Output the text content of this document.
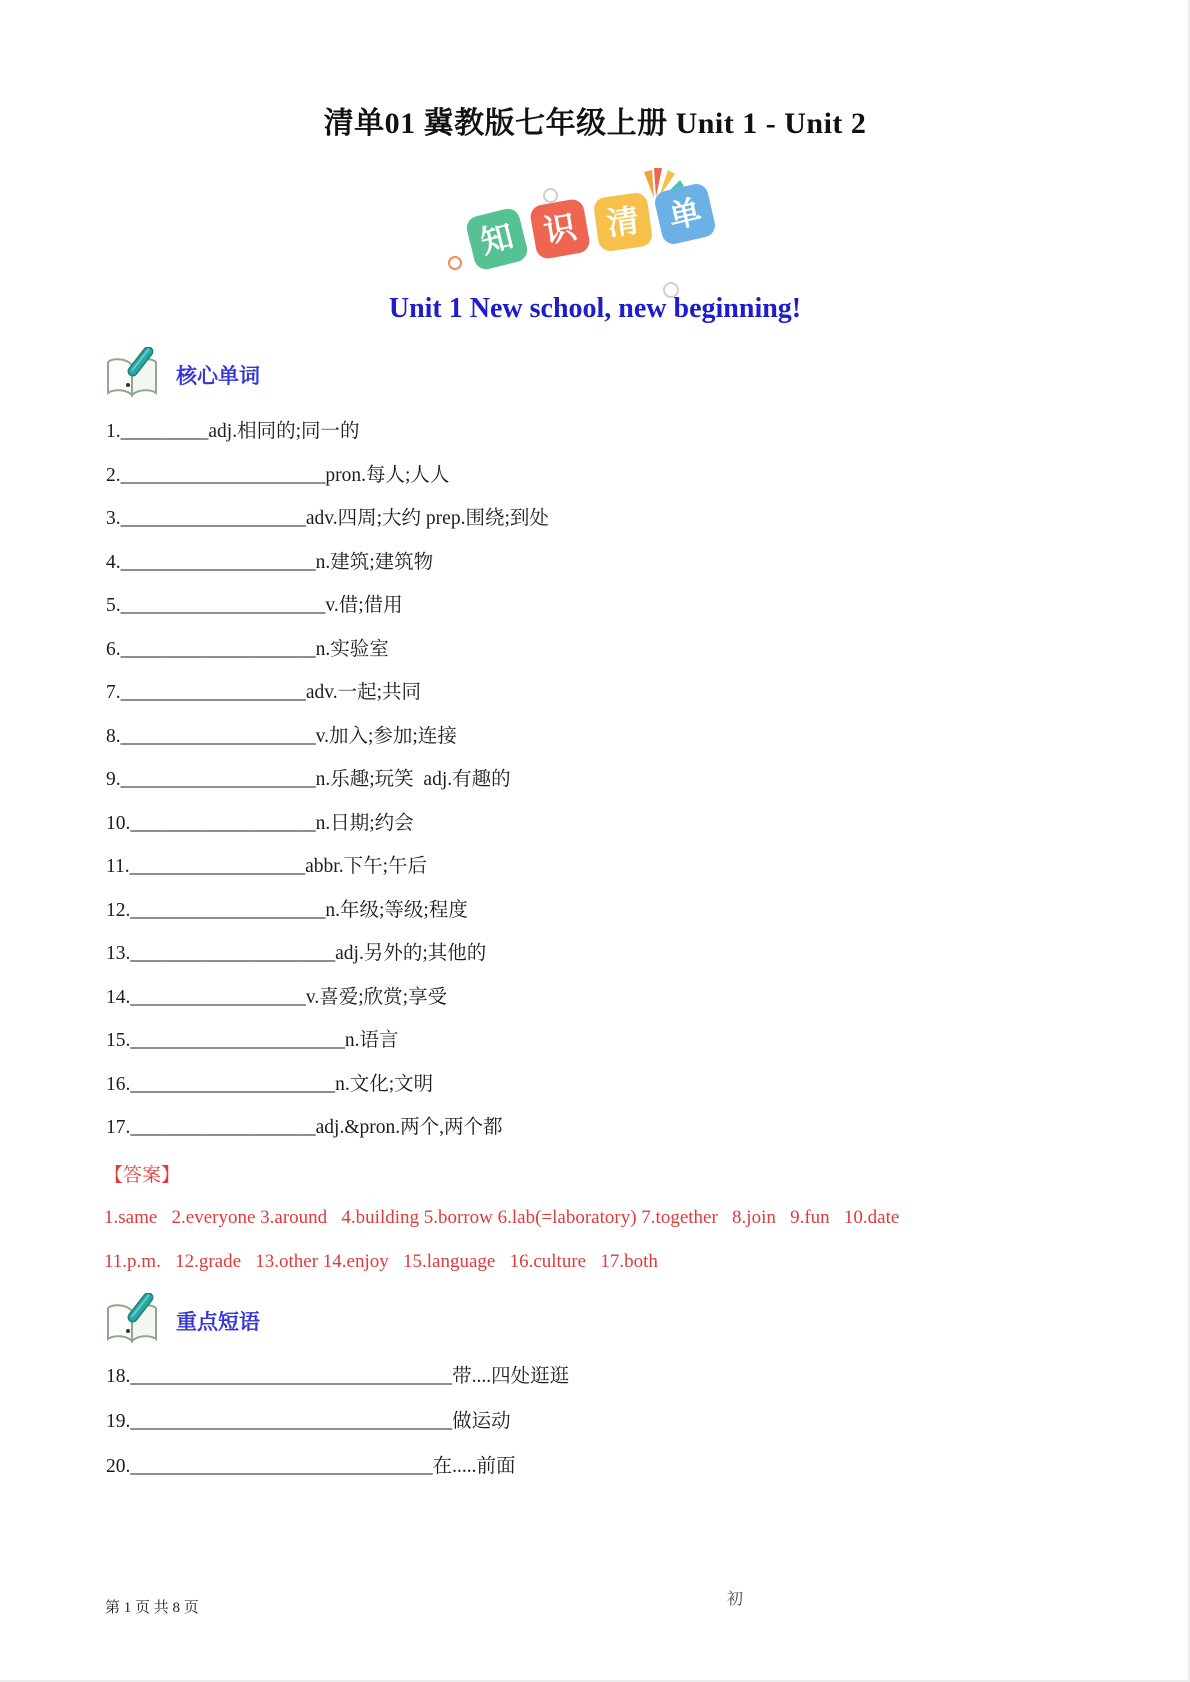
清单01 冀教版七年级上册 Unit 1 - Unit 2
知 识 清 单
Unit 1 New school, new beginning!
核心单词
1._________adj.相同的;同一的
2._____________________pron.每人;人人
3.___________________adv.四周;大约 prep.围绕;到处
4.____________________n.建筑;建筑物
5._____________________v.借;借用
6.____________________n.实验室
7.___________________adv.一起;共同
8.____________________v.加入;参加;连接
9.____________________n.乐趣;玩笑  adj.有趣的
10.___________________n.日期;约会
11.__________________abbr.下午;午后
12.____________________n.年级;等级;程度
13._____________________adj.另外的;其他的
14.__________________v.喜爱;欣赏;享受
15.______________________n.语言
16._____________________n.文化;文明
17.___________________adj.&pron.两个,两个都
【答案】
1.same   2.everyone 3.around   4.building 5.borrow 6.lab(=laboratory) 7.together   8.join   9.fun   10.date
11.p.m.   12.grade   13.other 14.enjoy   15.language   16.culture   17.both
重点短语
18._________________________________带....四处逛逛
19._________________________________做运动
20._______________________________在.....前面
第 1 页 共 8 页	初
